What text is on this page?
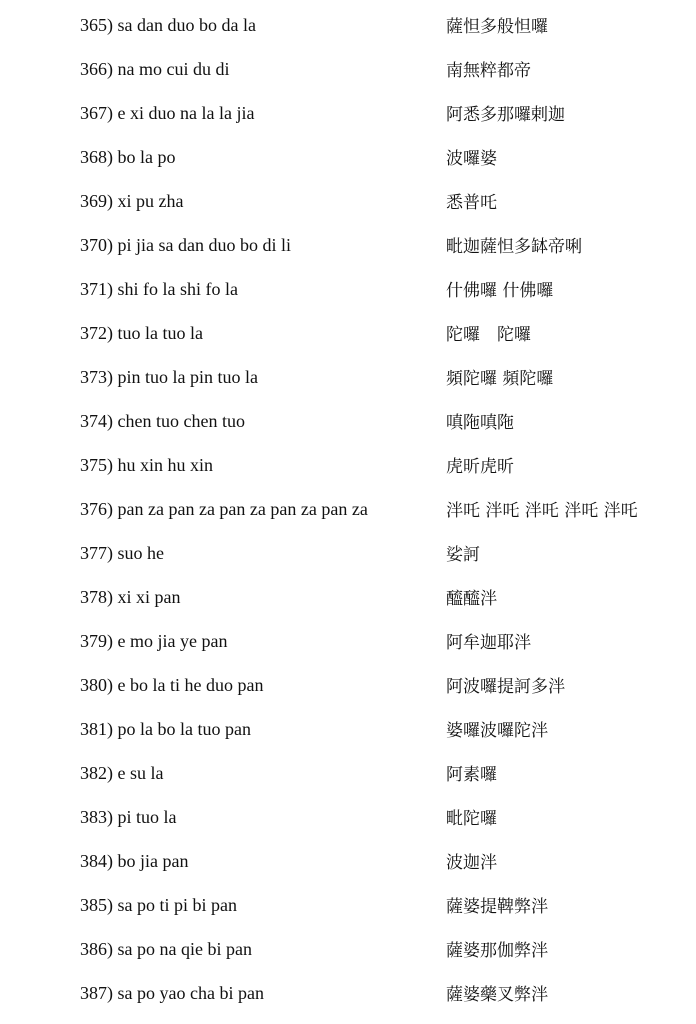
365) sa dan duo bo da la	薩怛多般怛囉
366) na mo cui du di	南無粹都帝
367) e xi duo na la la jia	阿悉多那囉剌迦
368) bo la po	波囉婆
369) xi pu zha	悉普吒
370) pi jia sa dan duo bo di li	毗迦薩怛多缽帝唎
371) shi fo la shi fo la	什佛囉 什佛囉
372) tuo la tuo la	陀囉　陀囉
373) pin tuo la pin tuo la	頻陀囉 頻陀囉
374) chen tuo chen tuo	嗔陁嗔陁
375) hu xin hu xin	虎昕虎昕
376) pan za pan za pan za pan za pan za	泮吒 泮吒 泮吒 泮吒 泮吒
377) suo he	娑訶
378) xi xi pan	醯醯泮
379) e mo jia ye pan	阿牟迦耶泮
380) e bo la ti he duo pan	阿波囉提訶多泮
381) po la bo la tuo pan	婆囉波囉陀泮
382) e su la	阿素囉
383) pi tuo la	毗陀囉
384) bo jia pan	波迦泮
385) sa po ti pi bi pan	薩婆提鞞弊泮
386) sa po na qie bi pan	薩婆那伽弊泮
387) sa po yao cha bi pan	薩婆藥叉弊泮
